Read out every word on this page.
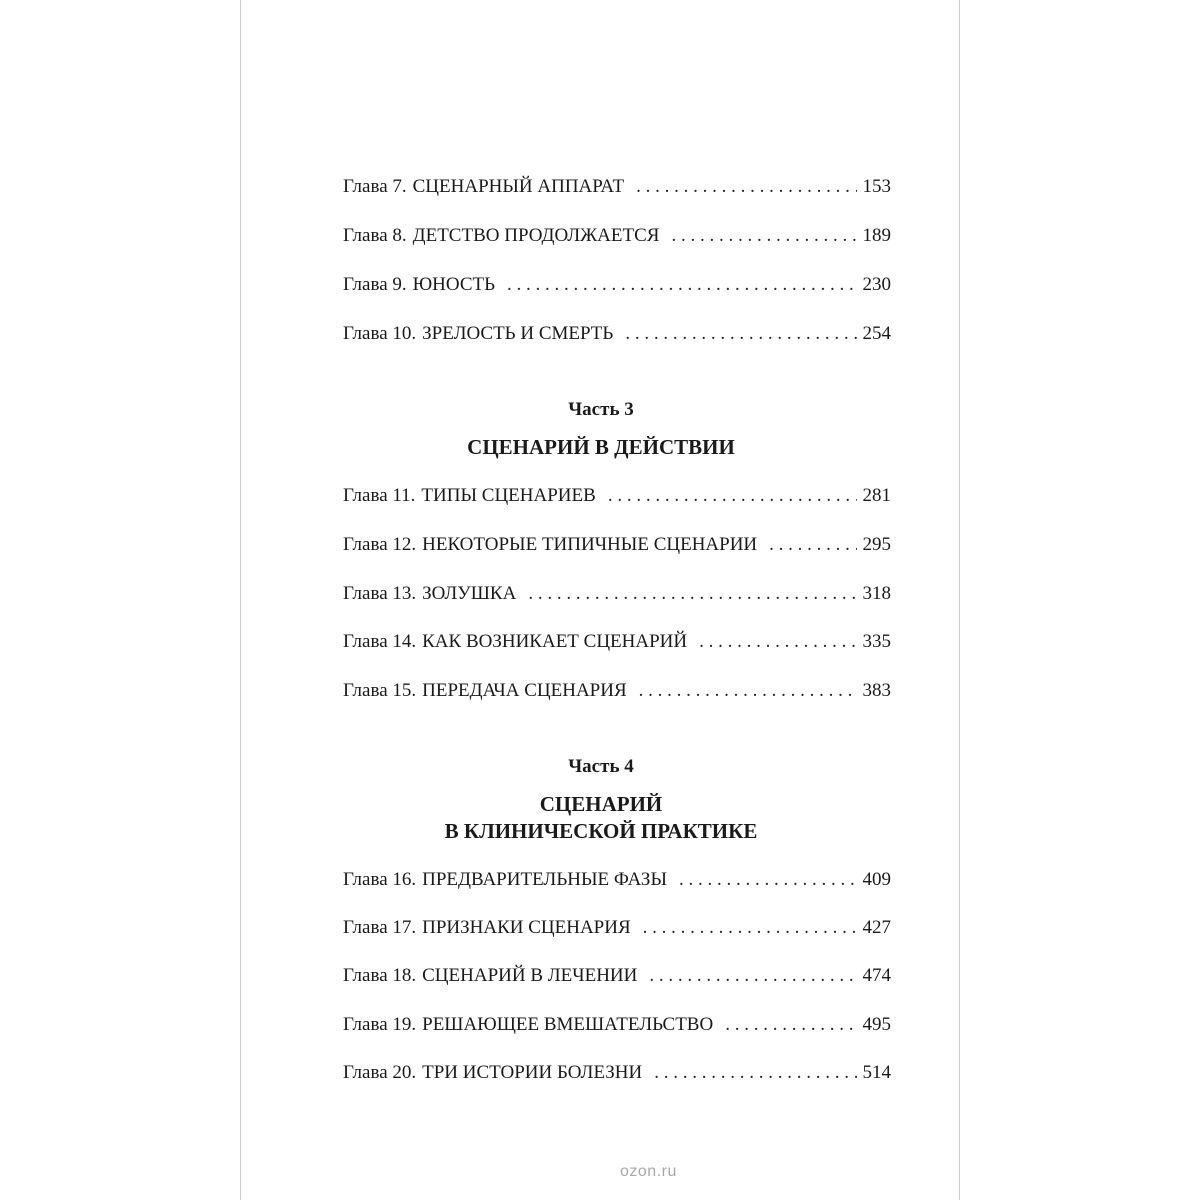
Глава 7. СЦЕНАРНЫЙ АППАРАТ . . .	153
Глава 8. ДЕТСТВО ПРОДОЛЖАЕТСЯ . . .	189
Глава 9. ЮНОСТЬ . . .	230
Глава 10. ЗРЕЛОСТЬ И СМЕРТЬ . . .	254
Часть 3
СЦЕНАРИЙ В ДЕЙСТВИИ
Глава 11. ТИПЫ СЦЕНАРИЕВ . . .	281
Глава 12. НЕКОТОРЫЕ ТИПИЧНЫЕ СЦЕНАРИИ . . .	295
Глава 13. ЗОЛУШКА . . .	318
Глава 14. КАК ВОЗНИКАЕТ СЦЕНАРИЙ . . .	335
Глава 15. ПЕРЕДАЧА СЦЕНАРИЯ . . .	383
Часть 4
СЦЕНАРИЙ
В КЛИНИЧЕСКОЙ ПРАКТИКЕ
Глава 16. ПРЕДВАРИТЕЛЬНЫЕ ФАЗЫ . . .	409
Глава 17. ПРИЗНАКИ СЦЕНАРИЯ . . .	427
Глава 18. СЦЕНАРИЙ В ЛЕЧЕНИИ . . .	474
Глава 19. РЕШАЮЩЕЕ ВМЕШАТЕЛЬСТВО . . .	495
Глава 20. ТРИ ИСТОРИИ БОЛЕЗНИ . . .	514
ozon.ru
